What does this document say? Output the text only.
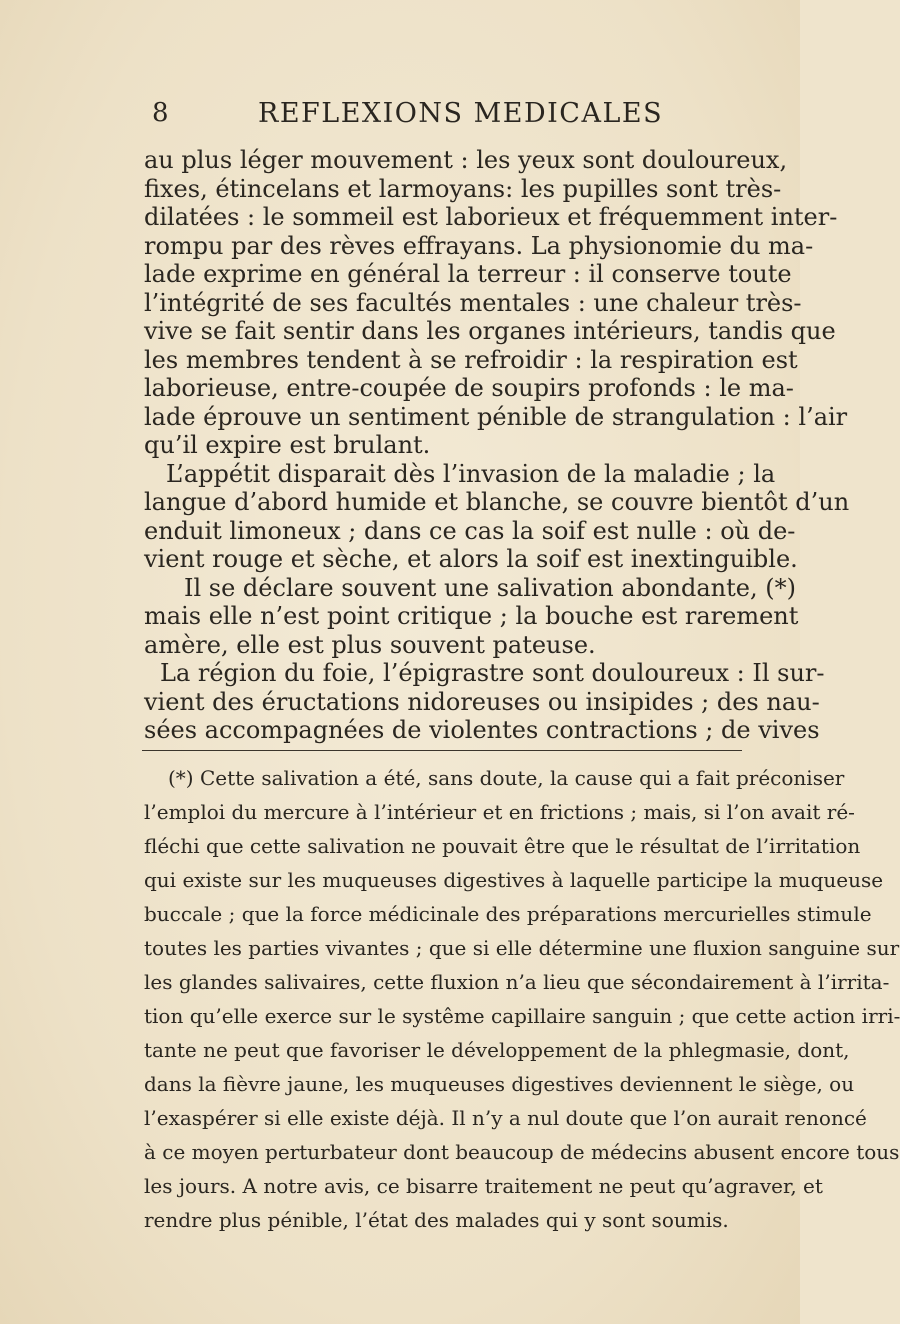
8	REFLEXIONS MEDICALES
au plus léger mouvement : les yeux sont douloureux,
fixes, étincelans et larmoyans: les pupilles sont très-
dilatées : le sommeil est laborieux et fréquemment inter-
rompu par des rèves effrayans. La physionomie du ma-
lade exprime en général la terreur : il conserve toute
l’intégrité de ses facultés mentales : une chaleur très-
vive se fait sentir dans les organes intérieurs, tandis que
les membres tendent à se refroidir : la respiration est
laborieuse, entre-coupée de soupirs profonds : le ma-
lade éprouve un sentiment pénible de strangulation : l’air
qu’il expire est brulant.
L’appétit disparait dès l’invasion de la maladie ; la
langue d’abord humide et blanche, se couvre bientôt d’un
enduit limoneux ; dans ce cas la soif est nulle : où de-
vient rouge et sèche, et alors la soif est inextinguible.
Il se déclare souvent une salivation abondante, (*)
mais elle n’est point critique ; la bouche est rarement
amère, elle est plus souvent pateuse.
La région du foie, l’épigrastre sont douloureux : Il sur-
vient des éructations nidoreuses ou insipides ; des nau-
sées accompagnées de violentes contractions ; de vives
(*) Cette salivation a été, sans doute, la cause qui a fait préconiser
l’emploi du mercure à l’intérieur et en frictions ; mais, si l’on avait ré-
fléchi que cette salivation ne pouvait être que le résultat de l’irritation
qui existe sur les muqueuses digestives à laquelle participe la muqueuse
buccale ; que la force médicinale des préparations mercurielles stimule
toutes les parties vivantes ; que si elle détermine une fluxion sanguine sur
les glandes salivaires, cette fluxion n’a lieu que sécondairement à l’irrita-
tion qu’elle exerce sur le systême capillaire sanguin ; que cette action irri-
tante ne peut que favoriser le développement de la phlegmasie, dont,
dans la fièvre jaune, les muqueuses digestives deviennent le siège, ou
l’exaspérer si elle existe déjà. Il n’y a nul doute que l’on aurait renoncé
à ce moyen perturbateur dont beaucoup de médecins abusent encore tous
les jours. A notre avis, ce bisarre traitement ne peut qu’agraver, et
rendre plus pénible, l’état des malades qui y sont soumis.
